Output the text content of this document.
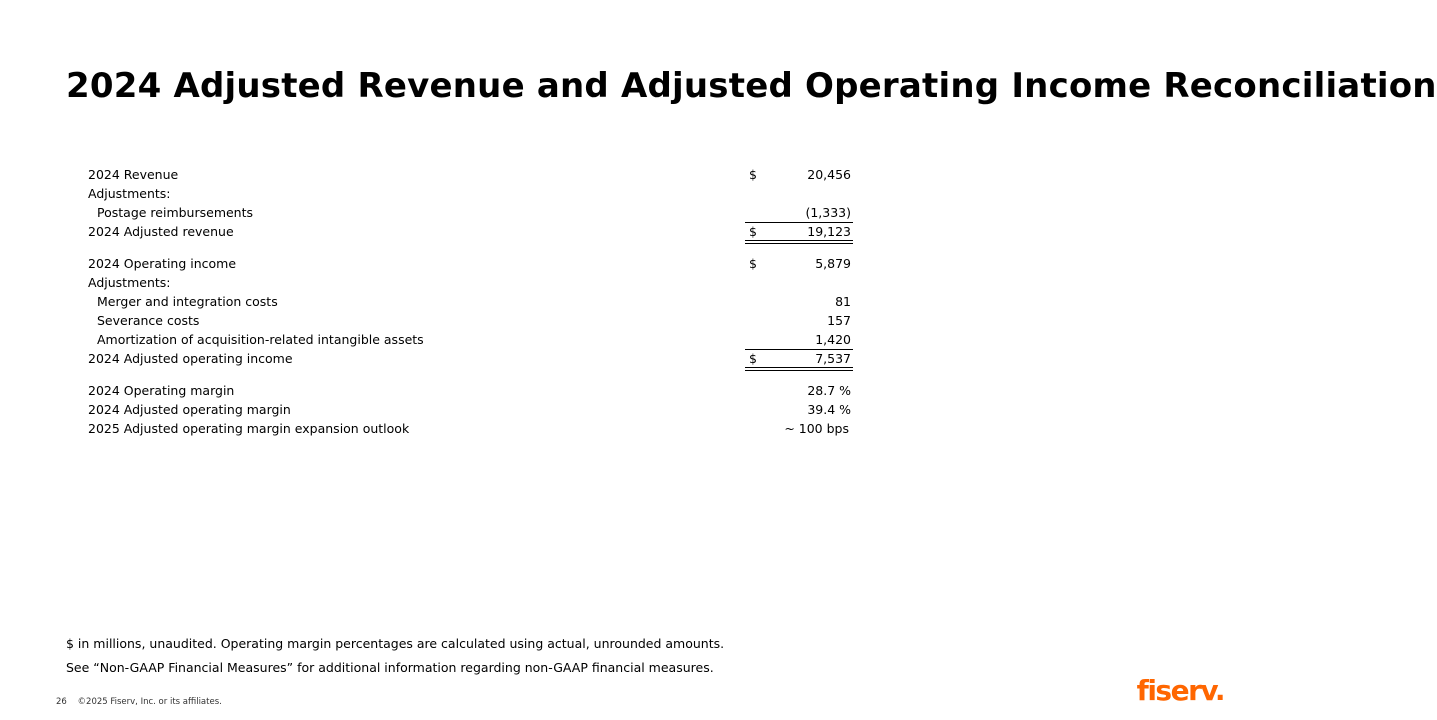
2024 Adjusted Revenue and Adjusted Operating Income Reconciliation
2024 Revenue	$	20,456
Adjustments:
Postage reimbursements	(1,333)
2024 Adjusted revenue	$	19,123
2024 Operating income	$	5,879
Adjustments:
Merger and integration costs	81
Severance costs	157
Amortization of acquisition-related intangible assets	1,420
2024 Adjusted operating income	$	7,537
2024 Operating margin	28.7 %
2024 Adjusted operating margin	39.4 %
2025 Adjusted operating margin expansion outlook	~ 100 bps
$ in millions, unaudited. Operating margin percentages are calculated using actual, unrounded amounts.
See “Non-GAAP Financial Measures” for additional information regarding non-GAAP financial measures.
26 ©2025 Fiserv, Inc. or its affiliates.	fiserv.
